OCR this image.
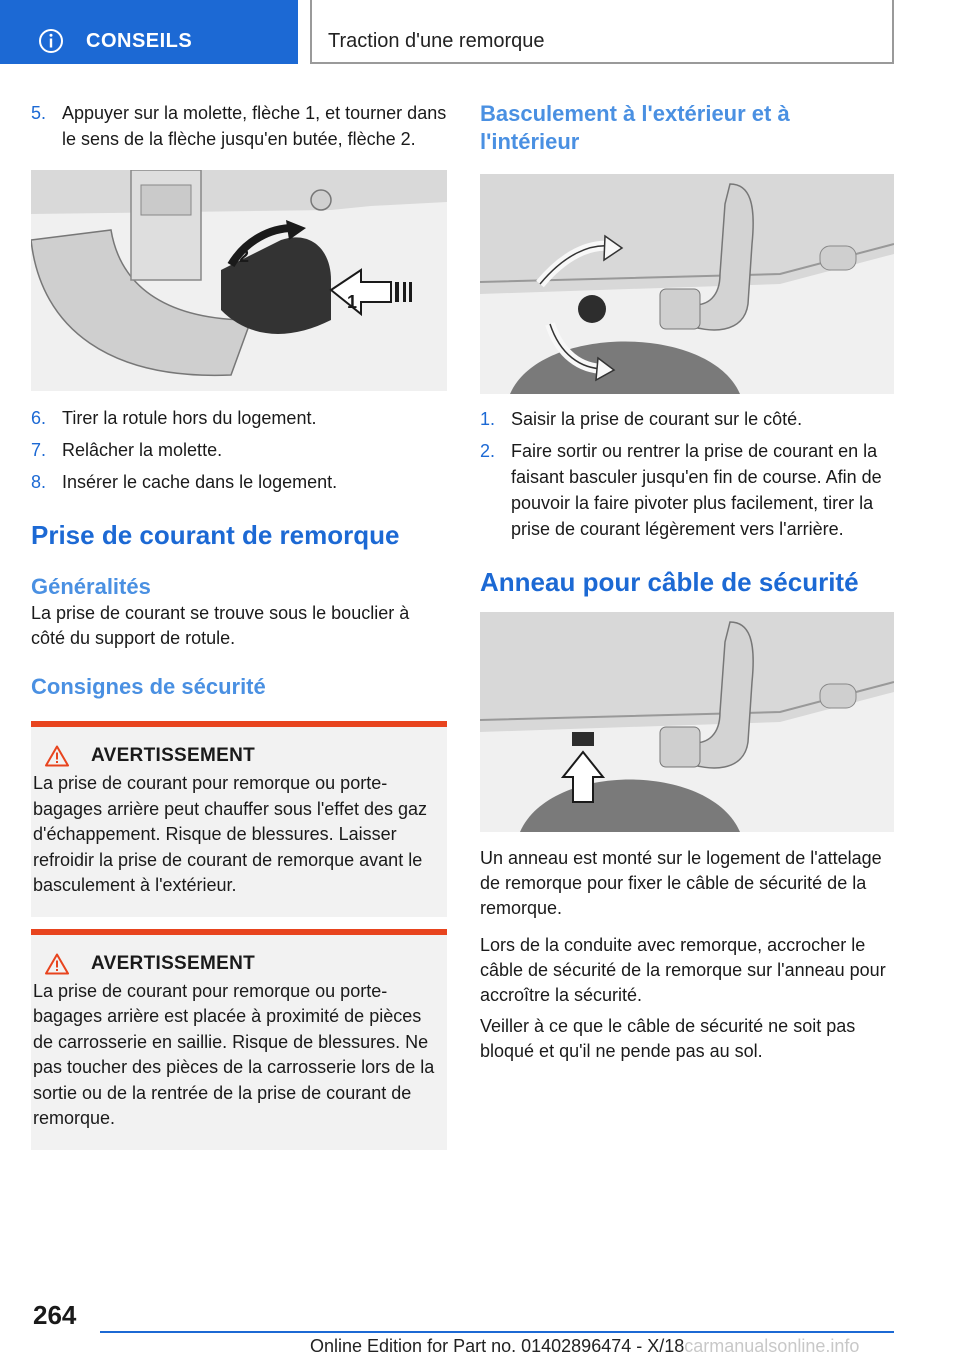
CONSEILS	Traction d'une remorque
5. Appuyer sur la molette, flèche 1, et tourner dans le sens de la flèche jusqu'en butée, flèche 2.
2
1
6. Tirer la rotule hors du logement.
7. Relâcher la molette.
8. Insérer le cache dans le logement.
Prise de courant de remorque
Généralités

La prise de courant se trouve sous le bouclier à côté du support de rotule.

Consignes de sécurité
AVERTISSEMENT
La prise de courant pour remorque ou porte-bagages arrière peut chauffer sous l'effet des gaz d'échappement. Risque de blessures. Laisser refroidir la prise de courant de remorque avant le basculement à l'extérieur.
AVERTISSEMENT
La prise de courant pour remorque ou porte-bagages arrière est placée à proximité de pièces de carrosserie en saillie. Risque de blessures. Ne pas toucher des pièces de la carrosserie lors de la sortie ou de la rentrée de la prise de courant de remorque.
Basculement à l'extérieur et à l'intérieur
1. Saisir la prise de courant sur le côté.
2. Faire sortir ou rentrer la prise de courant en la faisant basculer jusqu'en fin de course. Afin de pouvoir la faire pivoter plus facilement, tirer la prise de courant légèrement vers l'arrière.
Anneau pour câble de sécurité

Un anneau est monté sur le logement de l'attelage de remorque pour fixer le câble de sécurité de la remorque.

Lors de la conduite avec remorque, accrocher le câble de sécurité de la remorque sur l'anneau pour accroître la sécurité.

Veiller à ce que le câble de sécurité ne soit pas bloqué et qu'il ne pende pas au sol.

264
Online Edition for Part no. 01402896474 - X/18carmanualsonline.info
